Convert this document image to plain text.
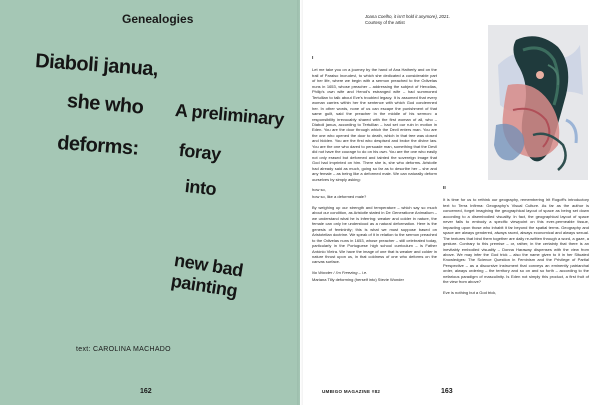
Genealogies
Diaboli janua,
she who
deforms:
A preliminary
foray
into
new bad painting
text: CAROLINA MACHADO
162
Joana Coelho, it isn't hold it anymore), 2021.
Courtesy of the artist
I

Let me take you on a journey by the hand of Ana Hatherly and on the trail of Paraiso Incrudevl, to which she dedicated a considerable part of her life, where we begin with a sermon preached to the Odivelas nuns in 1653, whose preacher – addressing the subject of Herodias, Philip's own wife and Herod's estranged wife – had summoned Tertullian to talk about Eve's troubled legacy. It is assumed that every woman carries within her the sentence with which God condemned her. In other words, none of us can escape the punishment of that same guilt, said the preacher in the middle of his sermon: a responsibility irrevocably shared with the first woman of all, who – Diaboli janua, according to Tertullian – had set our ruin in motion in Eden. You are the door through which the Devil enters man. You are the one who opened the door to death, which in that tree was closed and hidden. You are the first who despised and broke the divine law. You are the one who dared to persuade man, something that the Devil did not have the courage to do on his own. You are the one who easily not only erased but deformed and tainted the sovereign image that God had imprinted on him. There she is, she who deforms. Aristotle had already said as much, going so far as to describe her – she and any female – as being like a deformed male. We can naturally deform ourselves by simply asking:

how so,

how so, like a deformed male?

By weighing up our strength and temperature – which say so much about our condition, as Aristotle stated in De Generatione Animalium – we understand what he is inferring: weaker and colder in nature, the female can only be understood as a natural deformation. Here is the genesis of femininity; this is what we must suppose based on Aristotelian doctrine. We speak of it in relation to the sermon preached to the Odivelas nuns in 1653, whose preacher – still celebrated today, particularly in the Portuguese high school curriculum – is Father António Vieira. We have the image of one that is weaker and colder in nature thrust upon us, in that coldness of one who deforms on the canvas surface.

No Wonder / I'm Freezing – i.e.

Mariana Tilly deforming (herself into) Stevie Wonder

II

It is time for us to rethink our geography, remembering Irit Rogoff's introductory text to Terra Infirma: Geography's Visual Culture. As far as the author is concerned, forget imagining the geographical layout of space as being set down according to a disembodied visuality. In fact, the geographical layout of space never fails to embody a specific viewpoint on this ever-permeable tissue, impacting upon those who inhabit it far beyond the spatial terms. Geography and space are always gendered, always raced, always economical and always sexual. The textures that bind them together are daily re-written through a word, a gaze, a gesture. Contrary to this premise – or, rather, in the certainty that there is an inevitably embodied visuality – Donna Haraway dispenses with the view from above. We may infer the God trick – also the name given to it in her Situated Knowledges: The Science Question in Feminism and the Privilege of Partial Perspective – as a discursive instrument that conveys an eminently patriarchal order, always ordering – the territory and so on and so forth – according to the nefarious paradigm of masculinity. Is Eden not simply this product, a first fruit of the view from above?

Eve is nothing but a God trick,

UMBIGO MAGAZINE #82	163
